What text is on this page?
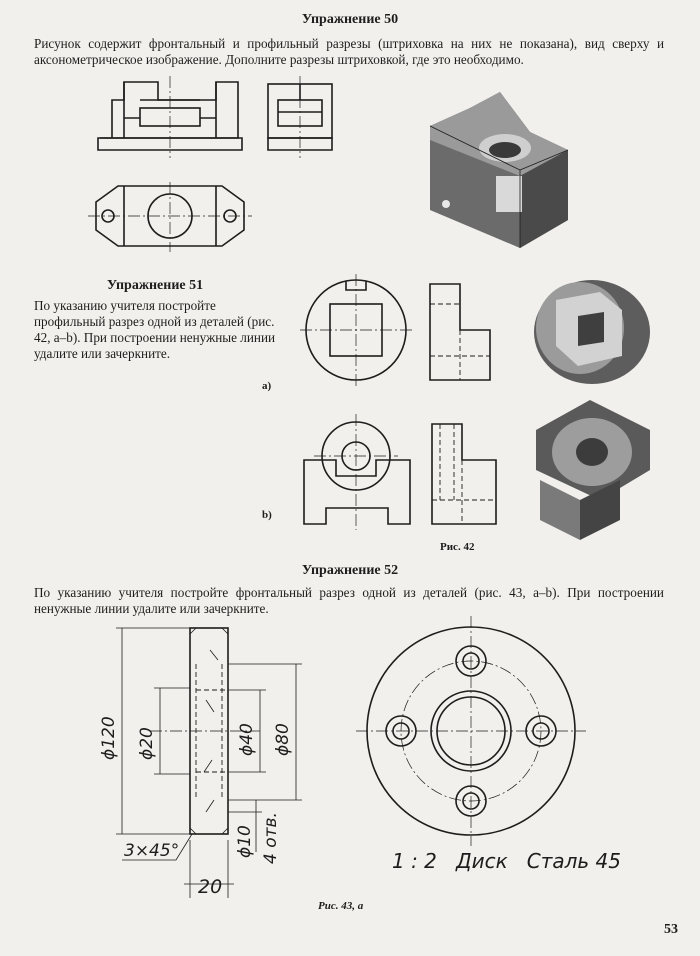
Упражнение 50
Рисунок содержит фронтальный и профильный разрезы (штриховка на них не показана), вид сверху и аксонометрическое изображение. Дополните разрезы штриховкой, где это необходимо.
Упражнение 51
По указанию учителя постройте профильный разрез одной из деталей (рис. 42, а–b). При построении ненужные линии удалите или зачеркните.
a)
b)
Рис. 42
Упражнение 52
По указанию учителя постройте фронтальный разрез одной из деталей (рис. 43, а–b). При построении ненужные линии удалите или зачеркните.
Рис. 43, а
53
ϕ120 ϕ20	ϕ40 ϕ80
ϕ10 4 отв.
3×45°
20
1 : 2   Диск   Сталь 45
